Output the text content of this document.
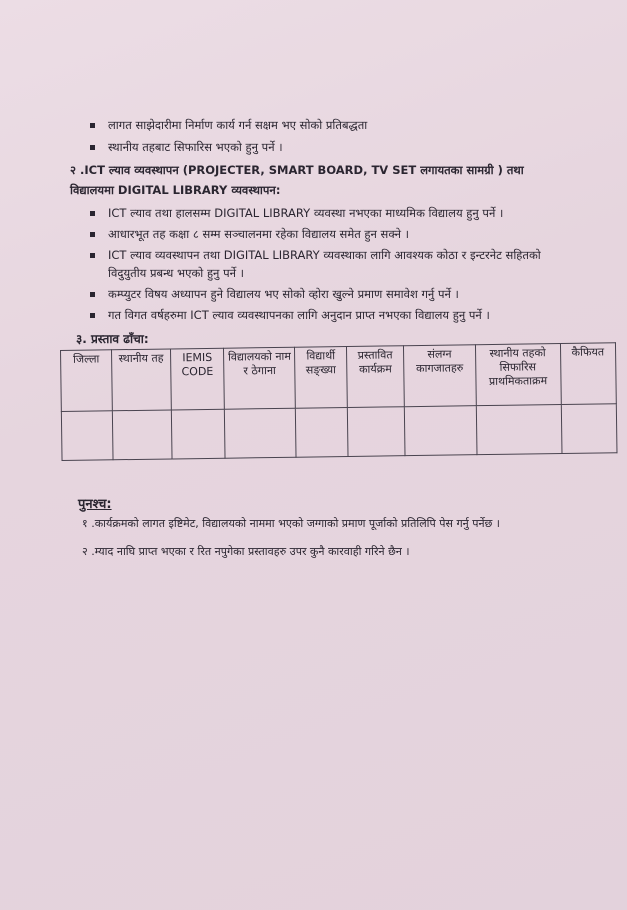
लागत साझेदारीमा निर्माण कार्य गर्न सक्षम भए सोको प्रतिबद्धता
स्थानीय तहबाट सिफारिस भएको हुनु पर्ने ।
२ .ICT ल्याव व्यवस्थापन (PROJECTER, SMART BOARD, TV SET लगायतका सामग्री ) तथा विद्यालयमा DIGITAL LIBRARY व्यवस्थापन:
ICT ल्याव तथा हालसम्म DIGITAL LIBRARY व्यवस्था नभएका माध्यमिक विद्यालय हुनु पर्ने ।
आधारभूत तह कक्षा ८ सम्म सञ्चालनमा रहेका विद्यालय समेत हुन सक्ने ।
ICT ल्याव व्यवस्थापन तथा DIGITAL LIBRARY व्यवस्थाका लागि आवश्यक कोठा र इन्टरनेट सहितको विदुयुतीय प्रबन्ध भएको हुनु पर्ने ।
कम्प्युटर विषय अध्यापन हुने विद्यालय भए सोको व्होरा खुल्ने प्रमाण समावेश गर्नु पर्ने ।
गत विगत वर्षहरुमा ICT ल्याव व्यवस्थापनका लागि अनुदान प्राप्त नभएका विद्यालय हुनु पर्ने ।
३. प्रस्ताव ढाँचा:
जिल्ला	स्थानीय तह	IEMIS CODE	विद्यालयको नाम र ठेगाना	विद्यार्थी सङ्ख्या	प्रस्तावित कार्यक्रम	संलग्न कागजातहरु	स्थानीय तहको सिफारिस प्राथमिकताक्रम	कैफियत

पुनश्च:
१ .कार्यक्रमको लागत इष्टिमेट, विद्यालयको नाममा भएको जग्गाको प्रमाण पूर्जाको प्रतिलिपि पेस गर्नु पर्नेछ ।
२ .म्याद नाघि प्राप्त भएका र रित नपुगेका प्रस्तावहरु उपर कुनै कारवाही गरिने छैन ।
